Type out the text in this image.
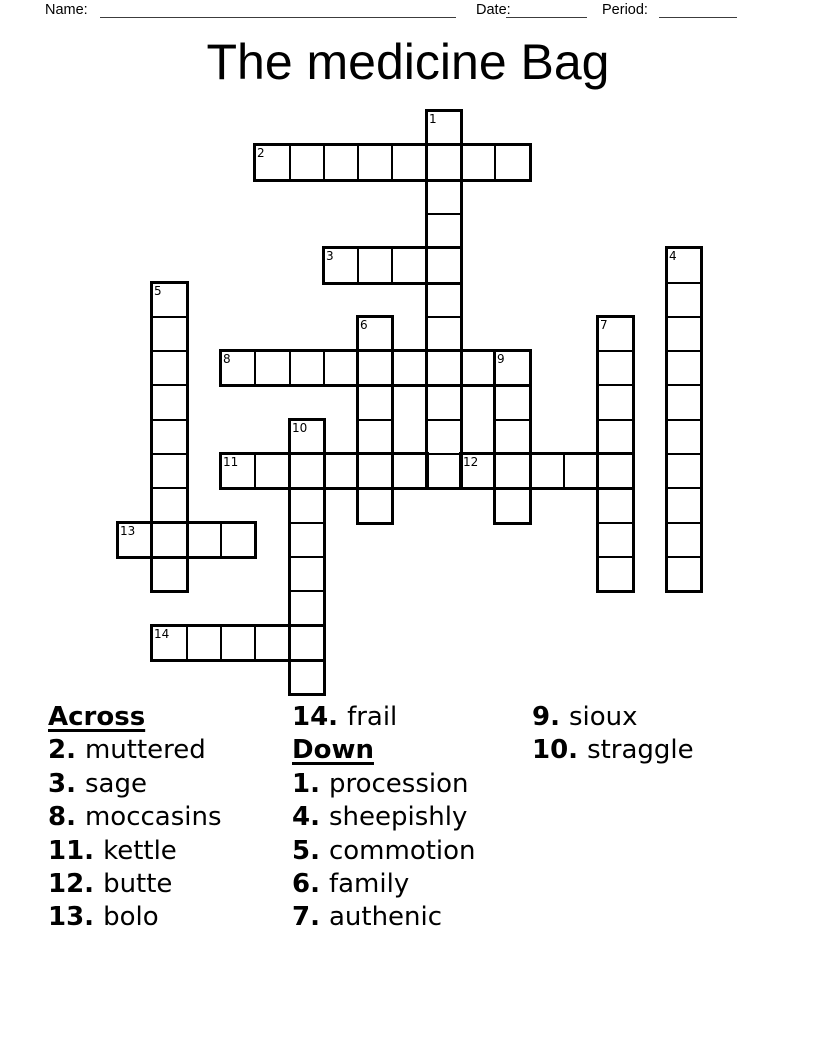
Name:	Date:	Period:
The medicine Bag
1
2
3	4
5
6	7
8	9
10
11	12
13
14
Across
2. muttered
3. sage
8. moccasins
11. kettle
12. butte
13. bolo
14. frail
Down
1. procession
4. sheepishly
5. commotion
6. family
7. authenic
9. sioux
10. straggle
